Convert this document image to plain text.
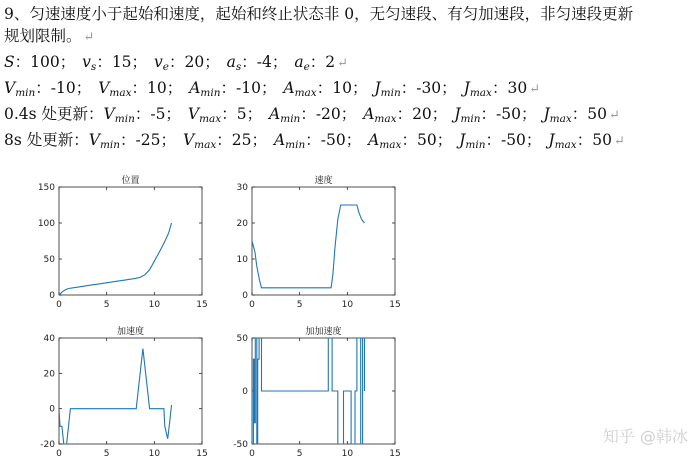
9、匀速速度小于起始和速度，起始和终止状态非 0，无匀速段、有匀加速段，非匀速段更新
规划限制。 ↵
S：100； vs：15； ve：20； as：-4； ae：2 ↵
Vmin：-10； Vmax：10； Amin：-10； Amax：10； Jmin：-30； Jmax：30 ↵
0.4s 处更新：Vmin：-5； Vmax：5； Amin：-20； Amax：20； Jmin：-50； Jmax：50 ↵
8s 处更新：Vmin：-25； Vmax：25； Amin：-50； Amax：50； Jmin：-50； Jmax：50 ↵
位置
0	5	10	15
0
50
100
150
速度
0	5	10	15
0
10
20
30
加速度
0	5	10	15
-20
0
20
40
加加速度
0	5	10	15
-50
0
50
知乎 @韩冰
